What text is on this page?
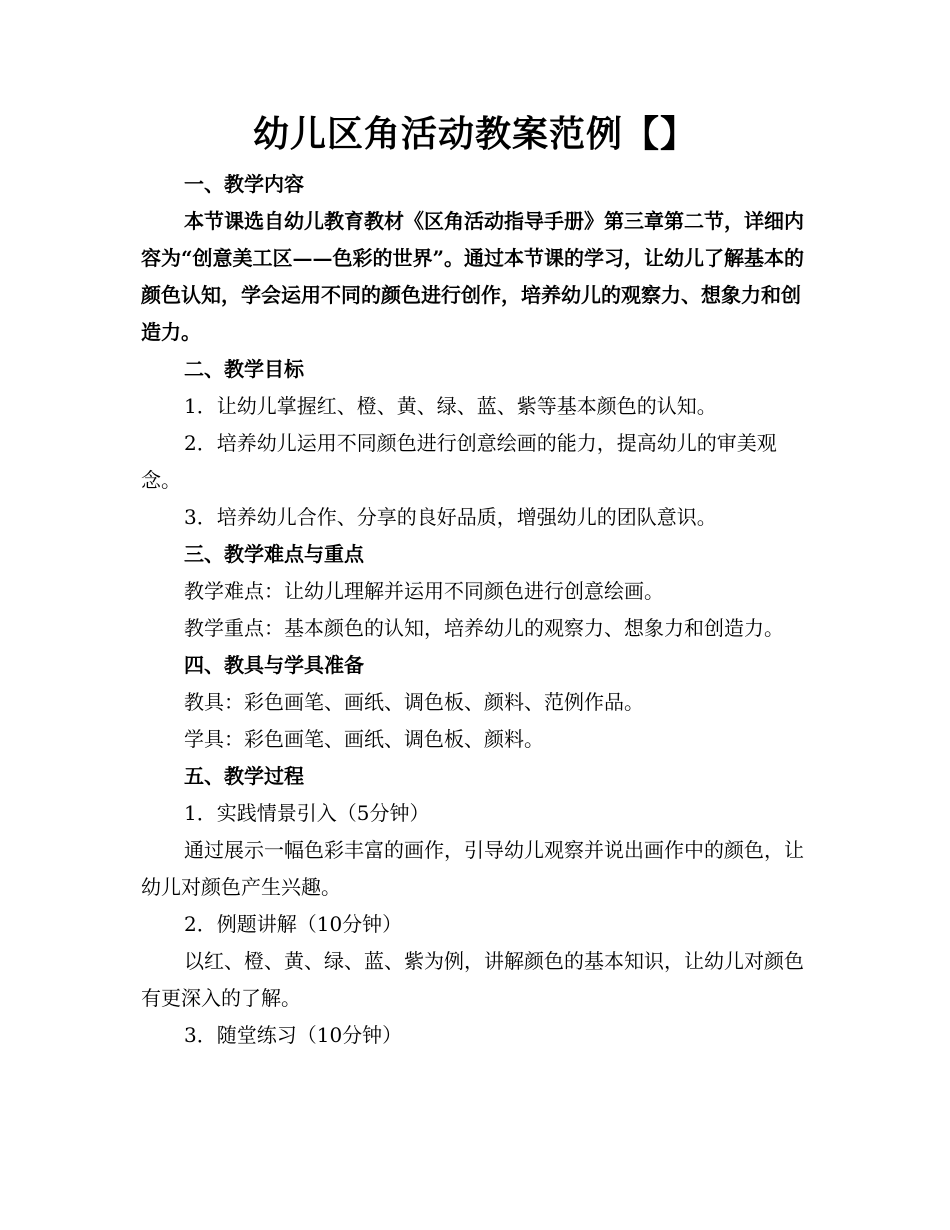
幼儿区角活动教案范例【】

一、教学内容

本节课选自幼儿教育教材《区角活动指导手册》第三章第二节，详细内容为“创意美工区——色彩的世界”。通过本节课的学习，让幼儿了解基本的颜色认知，学会运用不同的颜色进行创作，培养幼儿的观察力、想象力和创造力。

二、教学目标

1．让幼儿掌握红、橙、黄、绿、蓝、紫等基本颜色的认知。

2．培养幼儿运用不同颜色进行创意绘画的能力，提高幼儿的审美观念。

3．培养幼儿合作、分享的良好品质，增强幼儿的团队意识。

三、教学难点与重点

教学难点：让幼儿理解并运用不同颜色进行创意绘画。

教学重点：基本颜色的认知，培养幼儿的观察力、想象力和创造力。

四、教具与学具准备

教具：彩色画笔、画纸、调色板、颜料、范例作品。

学具：彩色画笔、画纸、调色板、颜料。

五、教学过程

1．实践情景引入（5分钟）

通过展示一幅色彩丰富的画作，引导幼儿观察并说出画作中的颜色，让幼儿对颜色产生兴趣。

2．例题讲解（10分钟）

以红、橙、黄、绿、蓝、紫为例，讲解颜色的基本知识，让幼儿对颜色有更深入的了解。

3．随堂练习（10分钟）
